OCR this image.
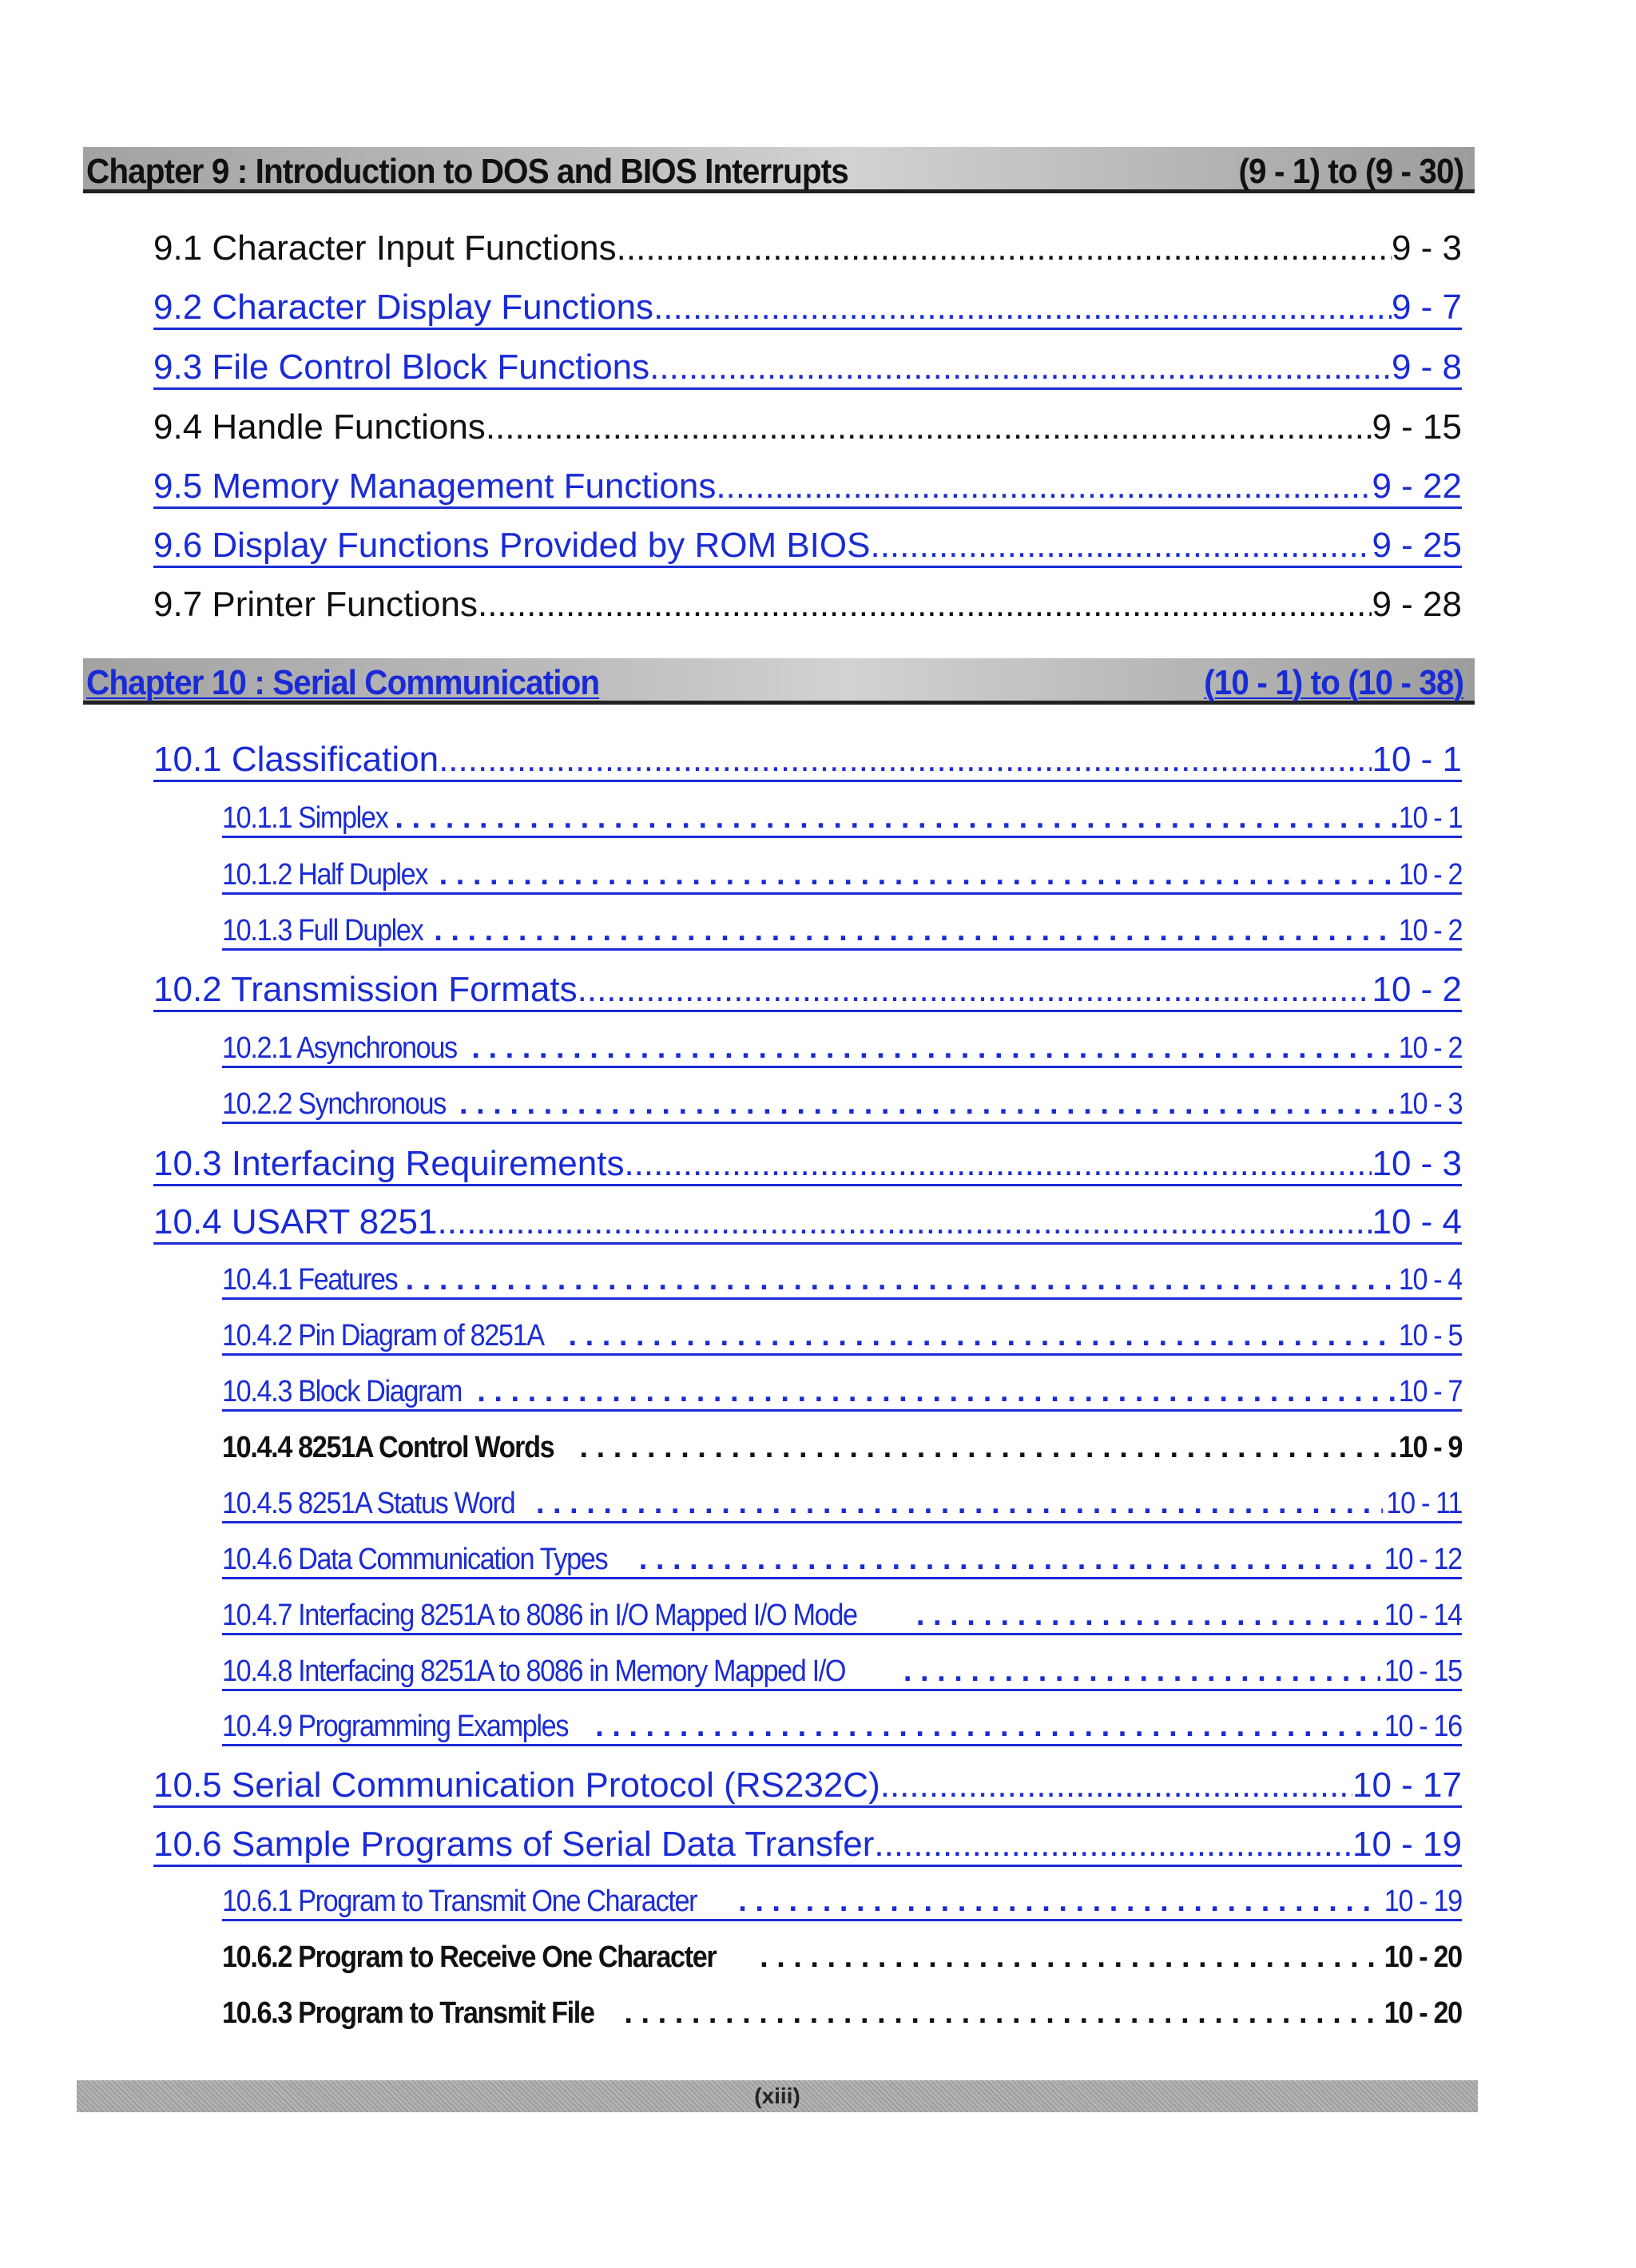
Chapter 9 : Introduction to DOS and BIOS Interrupts	(9 - 1) to (9 - 30)
9.1 Character Input Functions .....	9 - 3
9.2 Character Display Functions .....	9 - 7
9.3 File Control Block Functions .....	9 - 8
9.4 Handle Functions .....	9 - 15
9.5 Memory Management Functions .....	9 - 22
9.6 Display Functions Provided by ROM BIOS .....	9 - 25
9.7 Printer Functions .....	9 - 28
Chapter 10 : Serial Communication	(10 - 1) to (10 - 38)
10.1 Classification .....	10 - 1
10.1.1 Simplex . . .	10 - 1
10.1.2 Half Duplex . . .	10 - 2
10.1.3 Full Duplex . . .	10 - 2
10.2 Transmission Formats .....	10 - 2
10.2.1 Asynchronous . . .	10 - 2
10.2.2 Synchronous . . .	10 - 3
10.3 Interfacing Requirements .....	10 - 3
10.4 USART 8251 .....	10 - 4
10.4.1 Features . . .	10 - 4
10.4.2 Pin Diagram of 8251A . . .	10 - 5
10.4.3 Block Diagram . . .	10 - 7
10.4.4 8251A Control Words . . .	10 - 9
10.4.5 8251A Status Word . . .	10 - 11
10.4.6 Data Communication Types . . .	10 - 12
10.4.7 Interfacing 8251A to 8086 in I/O Mapped I/O Mode . . .	10 - 14
10.4.8 Interfacing 8251A to 8086 in Memory Mapped I/O . . .	10 - 15
10.4.9 Programming Examples . . .	10 - 16
10.5 Serial Communication Protocol (RS232C) .....	10 - 17
10.6 Sample Programs of Serial Data Transfer .....	10 - 19
10.6.1 Program to Transmit One Character . . .	10 - 19
10.6.2 Program to Receive One Character . . .	10 - 20
10.6.3 Program to Transmit File . . .	10 - 20
(xiii)
